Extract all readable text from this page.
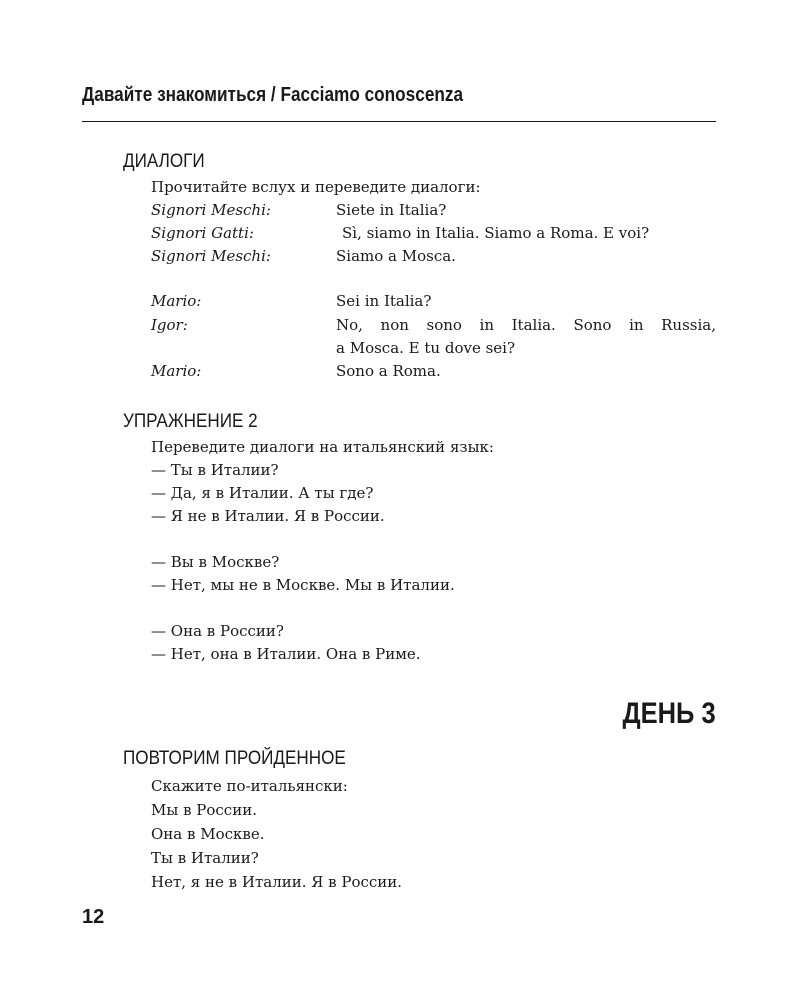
Давайте знакомиться / Facciamo conoscenza
ДИАЛОГИ
Прочитайте вслух и переведите диалоги:
Signori Meschi:	Siete in Italia?
Signori Gatti:	Sì, siamo in Italia. Siamo a Roma. E voi?
Signori Meschi:	Siamo a Mosca.
Mario:	Sei in Italia?
Igor:	No, non sono in Italia. Sono in Russia,
a Mosca. E tu dove sei?
Mario:	Sono a Roma.
УПРАЖНЕНИЕ 2
Переведите диалоги на итальянский язык:
— Ты в Италии?
— Да, я в Италии. А ты где?
— Я не в Италии. Я в России.
— Вы в Москве?
— Нет, мы не в Москве. Мы в Италии.
— Она в России?
— Нет, она в Италии. Она в Риме.
ДЕНЬ 3
ПОВТОРИМ ПРОЙДЕННОЕ
Скажите по-итальянски:
Мы в России.
Она в Москве.
Ты в Италии?
Нет, я не в Италии. Я в России.
12
